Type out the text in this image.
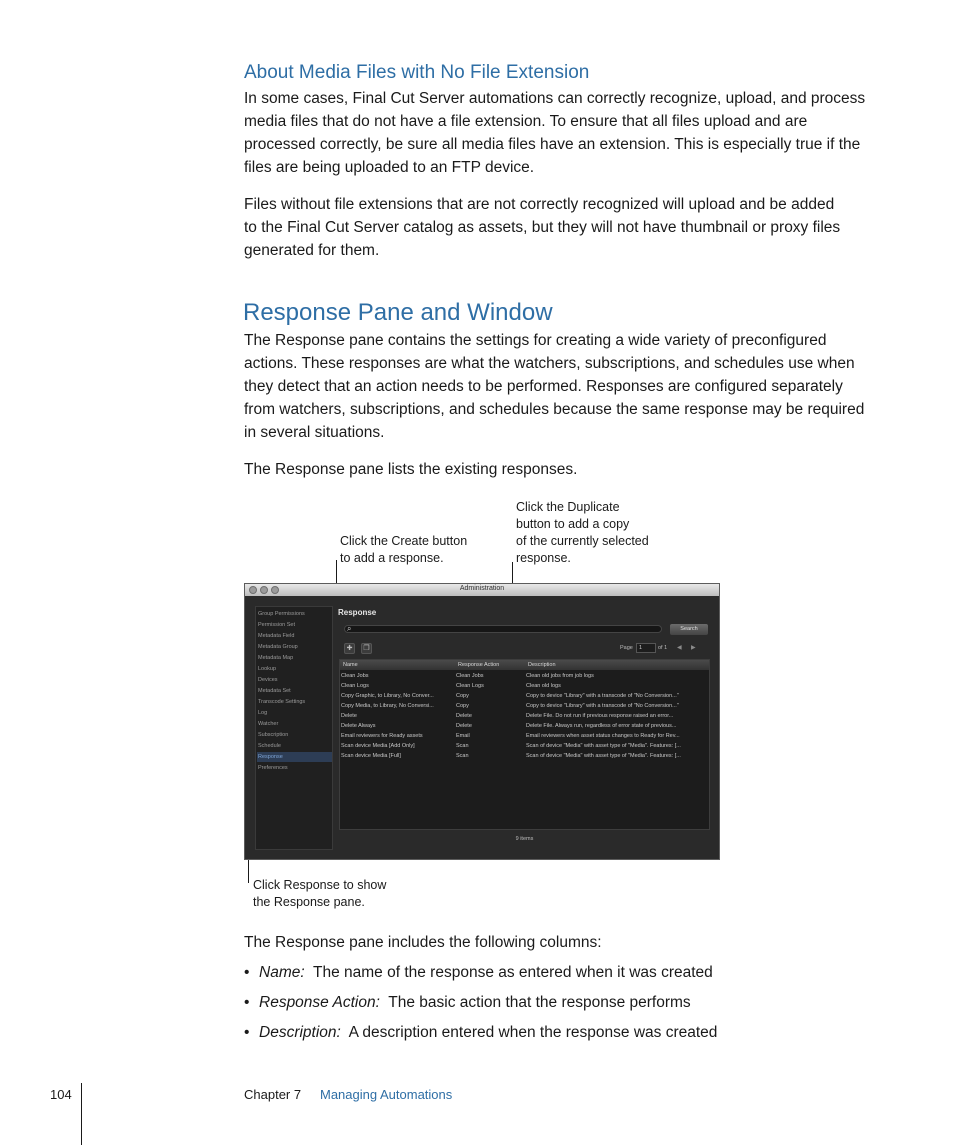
About Media Files with No File Extension
In some cases, Final Cut Server automations can correctly recognize, upload, and process
media files that do not have a file extension. To ensure that all files upload and are
processed correctly, be sure all media files have an extension. This is especially true if the
files are being uploaded to an FTP device.
Files without file extensions that are not correctly recognized will upload and be added
to the Final Cut Server catalog as assets, but they will not have thumbnail or proxy files
generated for them.
Response Pane and Window
The Response pane contains the settings for creating a wide variety of preconfigured
actions. These responses are what the watchers, subscriptions, and schedules use when
they detect that an action needs to be performed. Responses are configured separately
from watchers, subscriptions, and schedules because the same response may be required
in several situations.
The Response pane lists the existing responses.
Click the Create button
to add a response.
Click the Duplicate
button to add a copy
of the currently selected
response.
Administration
Group Permissions
Permission Set
Metadata Field
Metadata Group
Metadata Map
Lookup
Devices
Metadata Set
Transcode Settings
Log
Watcher
Subscription
Schedule
Response
Preferences
Response
⌕	Search
✚	❐	Page	1	of 1 ◀ ▶
Name	Response Action	Description
Clean Jobs	Clean Jobs	Clean old jobs from job logs
Clean Logs	Clean Logs	Clean old logs
Copy Graphic, to Library, No Conver...	Copy	Copy to device "Library" with a transcode of "No Conversion..."
Copy Media, to Library, No Conversi...	Copy	Copy to device "Library" with a transcode of "No Conversion..."
Delete	Delete	Delete File. Do not run if previous response raised an error...
Delete Always	Delete	Delete File. Always run, regardless of error state of previous...
Email reviewers for Ready assets	Email	Email reviewers when asset status changes to Ready for Rev...
Scan device Media [Add Only]	Scan	Scan of device "Media" with asset type of "Media". Features: [...
Scan device Media [Full]	Scan	Scan of device "Media" with asset type of "Media". Features: [...
9 items
Click Response to show
the Response pane.
The Response pane includes the following columns:
• Name: The name of the response as entered when it was created
• Response Action: The basic action that the response performs
• Description: A description entered when the response was created
104	Chapter 7 Managing Automations
